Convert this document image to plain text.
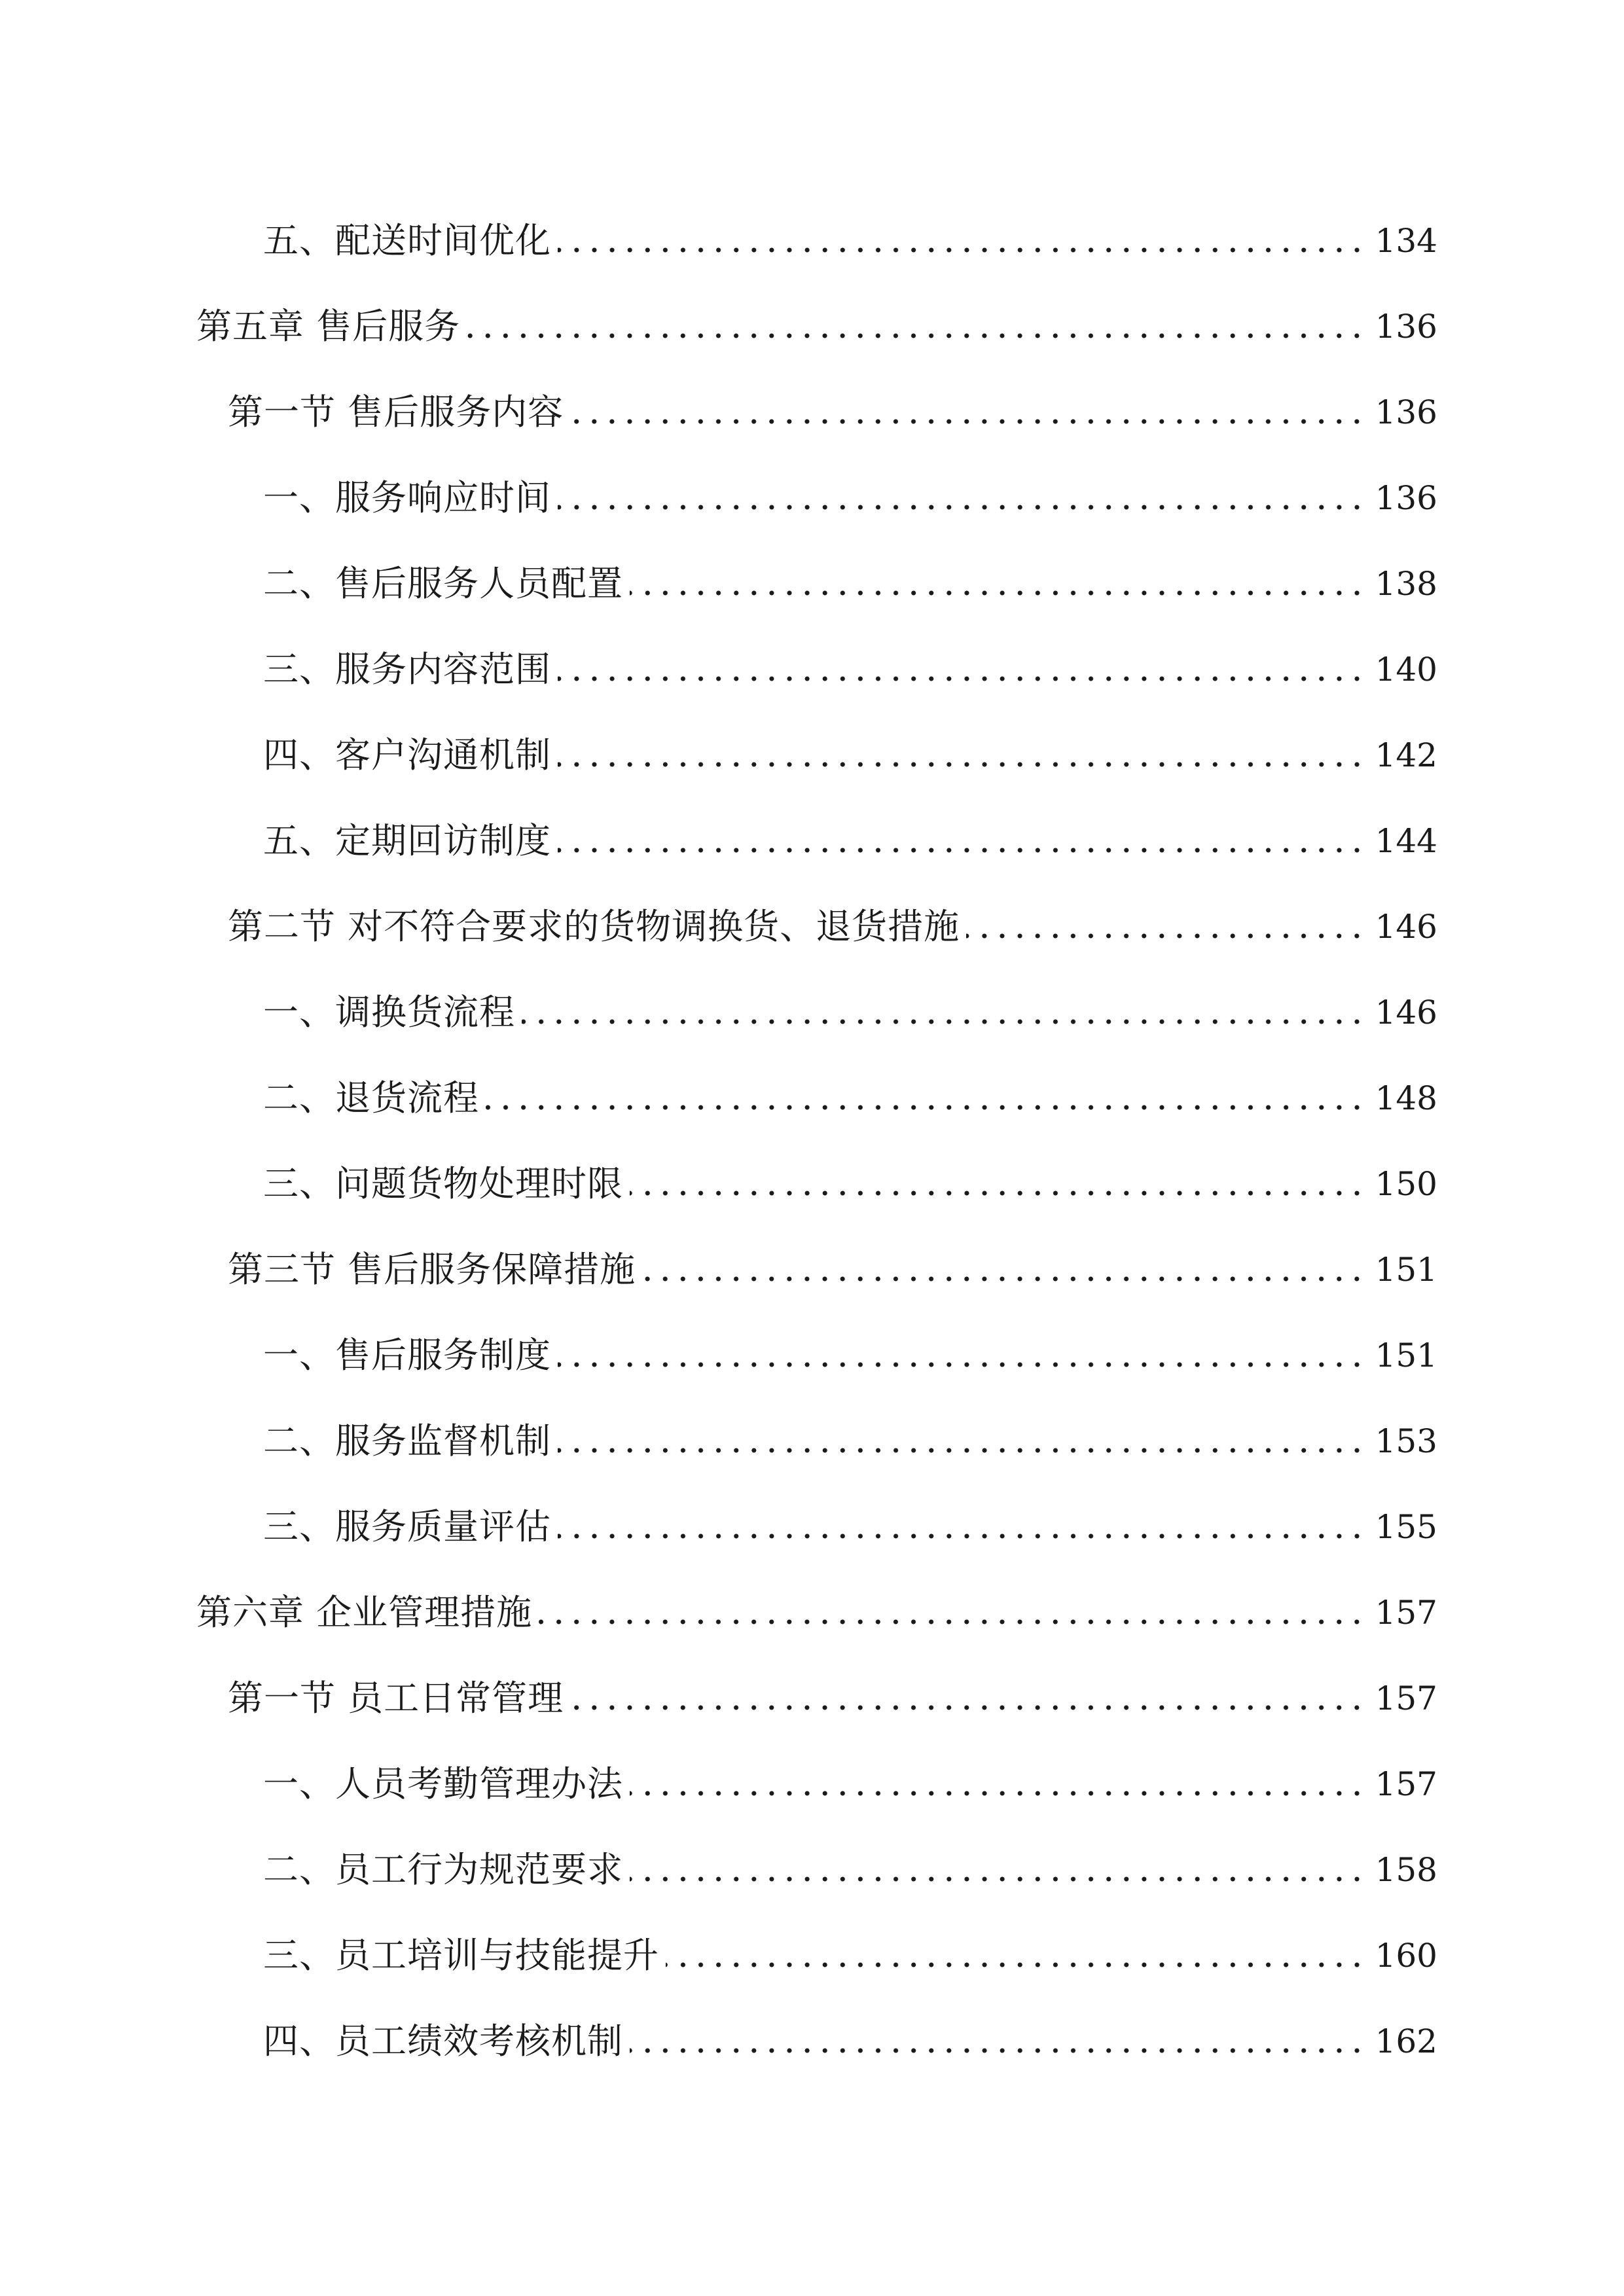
五、配送时间优化	134
第五章 售后服务	136
第一节 售后服务内容	136
一、服务响应时间	136
二、售后服务人员配置	138
三、服务内容范围	140
四、客户沟通机制	142
五、定期回访制度	144
第二节 对不符合要求的货物调换货、退货措施	146
一、调换货流程	146
二、退货流程	148
三、问题货物处理时限	150
第三节 售后服务保障措施	151
一、售后服务制度	151
二、服务监督机制	153
三、服务质量评估	155
第六章 企业管理措施	157
第一节 员工日常管理	157
一、人员考勤管理办法	157
二、员工行为规范要求	158
三、员工培训与技能提升	160
四、员工绩效考核机制	162
